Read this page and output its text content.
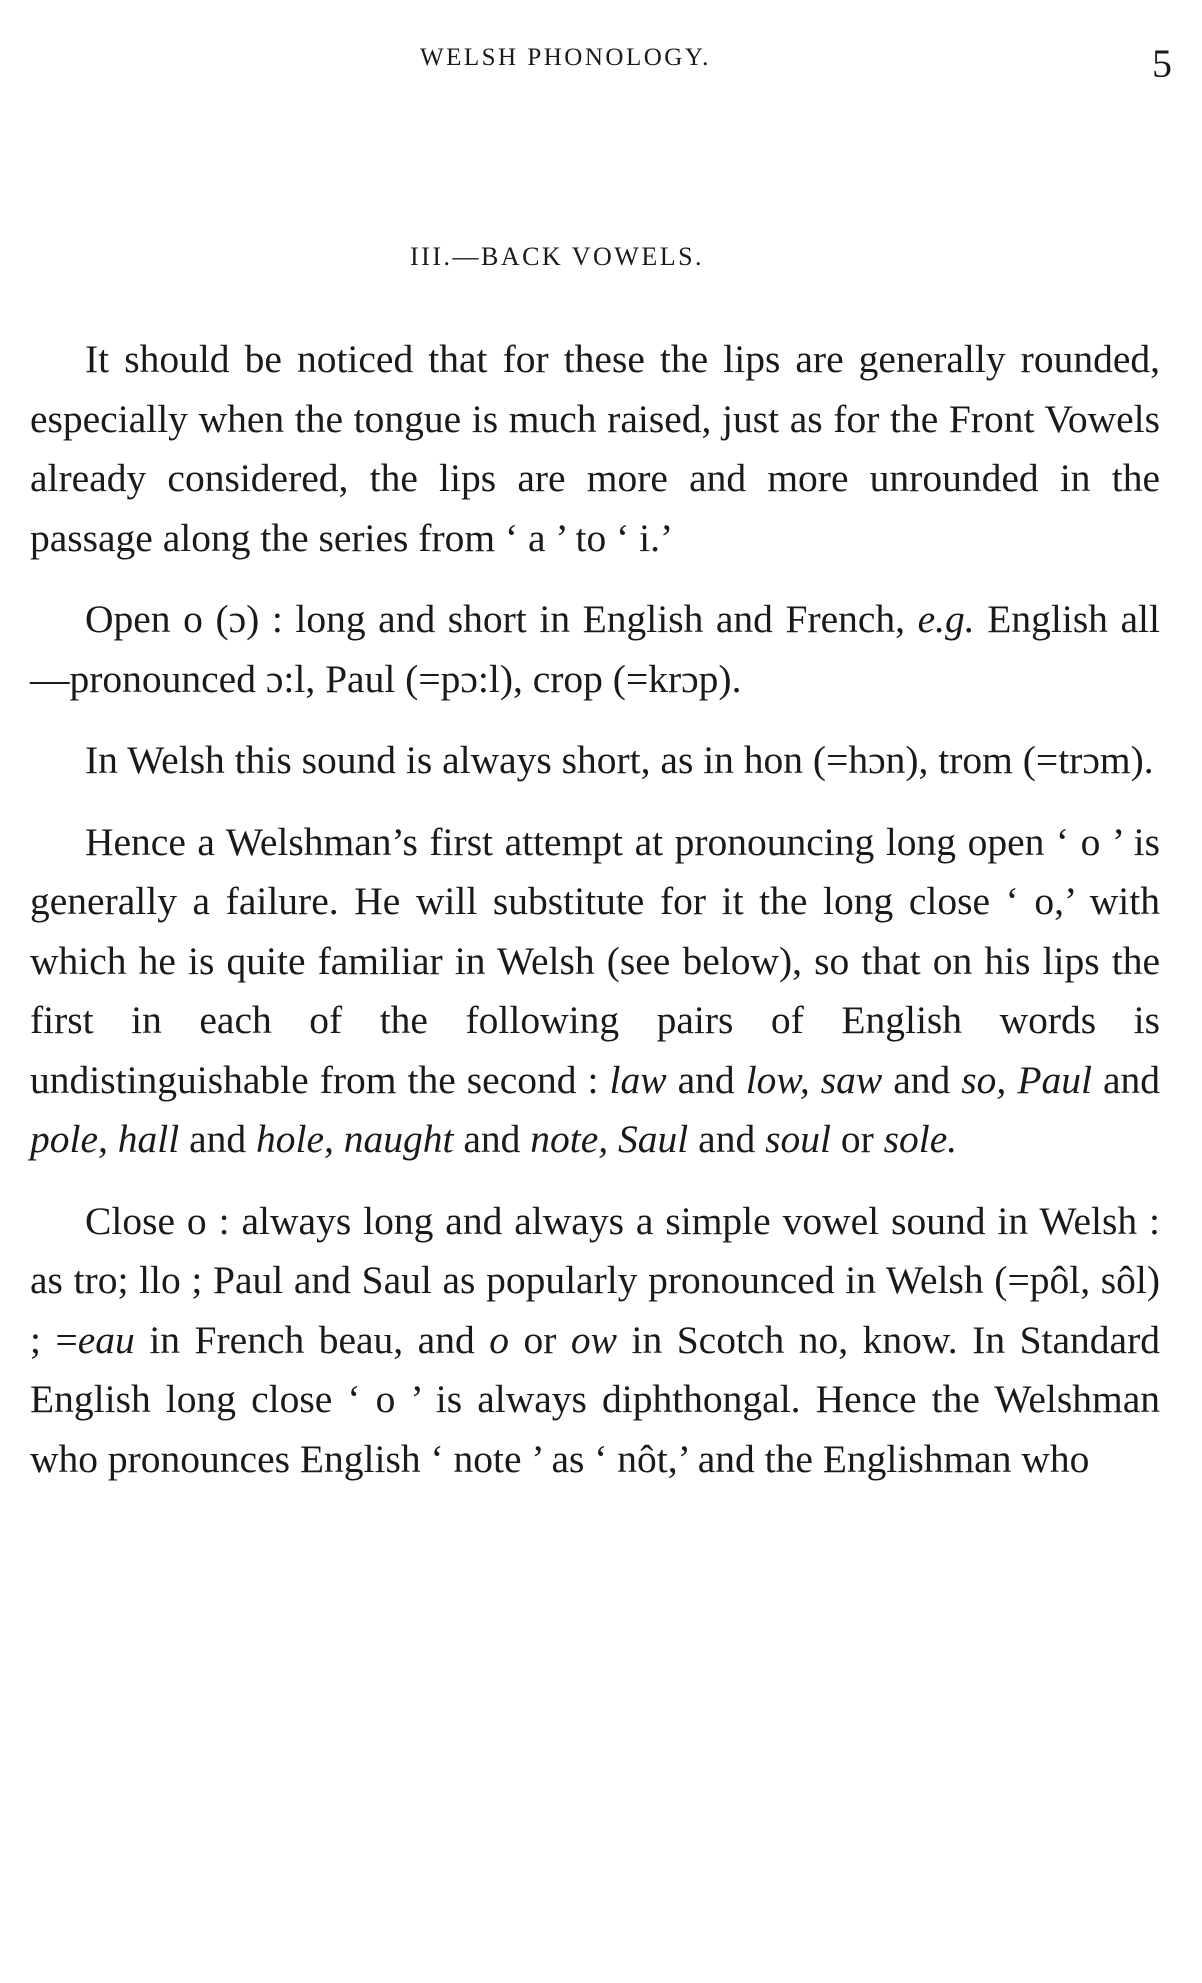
WELSH PHONOLOGY.	5
III.—BACK VOWELS.

It should be noticed that for these the lips are generally rounded, especially when the tongue is much raised, just as for the Front Vowels already considered, the lips are more and more unrounded in the passage along the series from ‘ a ’ to ‘ i.’

Open o (ɔ) : long and short in English and French, e.g. English all—pronounced ɔ:l, Paul (=pɔ:l), crop (=krɔp).

In Welsh this sound is always short, as in hon (=hɔn), trom (=trɔm).

Hence a Welshman’s first attempt at pronouncing long open ‘ o ’ is generally a failure. He will substitute for it the long close ‘ o,’ with which he is quite familiar in Welsh (see below), so that on his lips the first in each of the following pairs of English words is undistinguishable from the second : law and low, saw and so, Paul and pole, hall and hole, naught and note, Saul and soul or sole.

Close o : always long and always a simple vowel sound in Welsh : as tro; llo ; Paul and Saul as popularly pronounced in Welsh (=pôl, sôl) ; =eau in French beau, and o or ow in Scotch no, know. In Standard English long close ‘ o ’ is always diphthongal. Hence the Welshman who pronounces English ‘ note ’ as ‘ nôt,’ and the Englishman who
